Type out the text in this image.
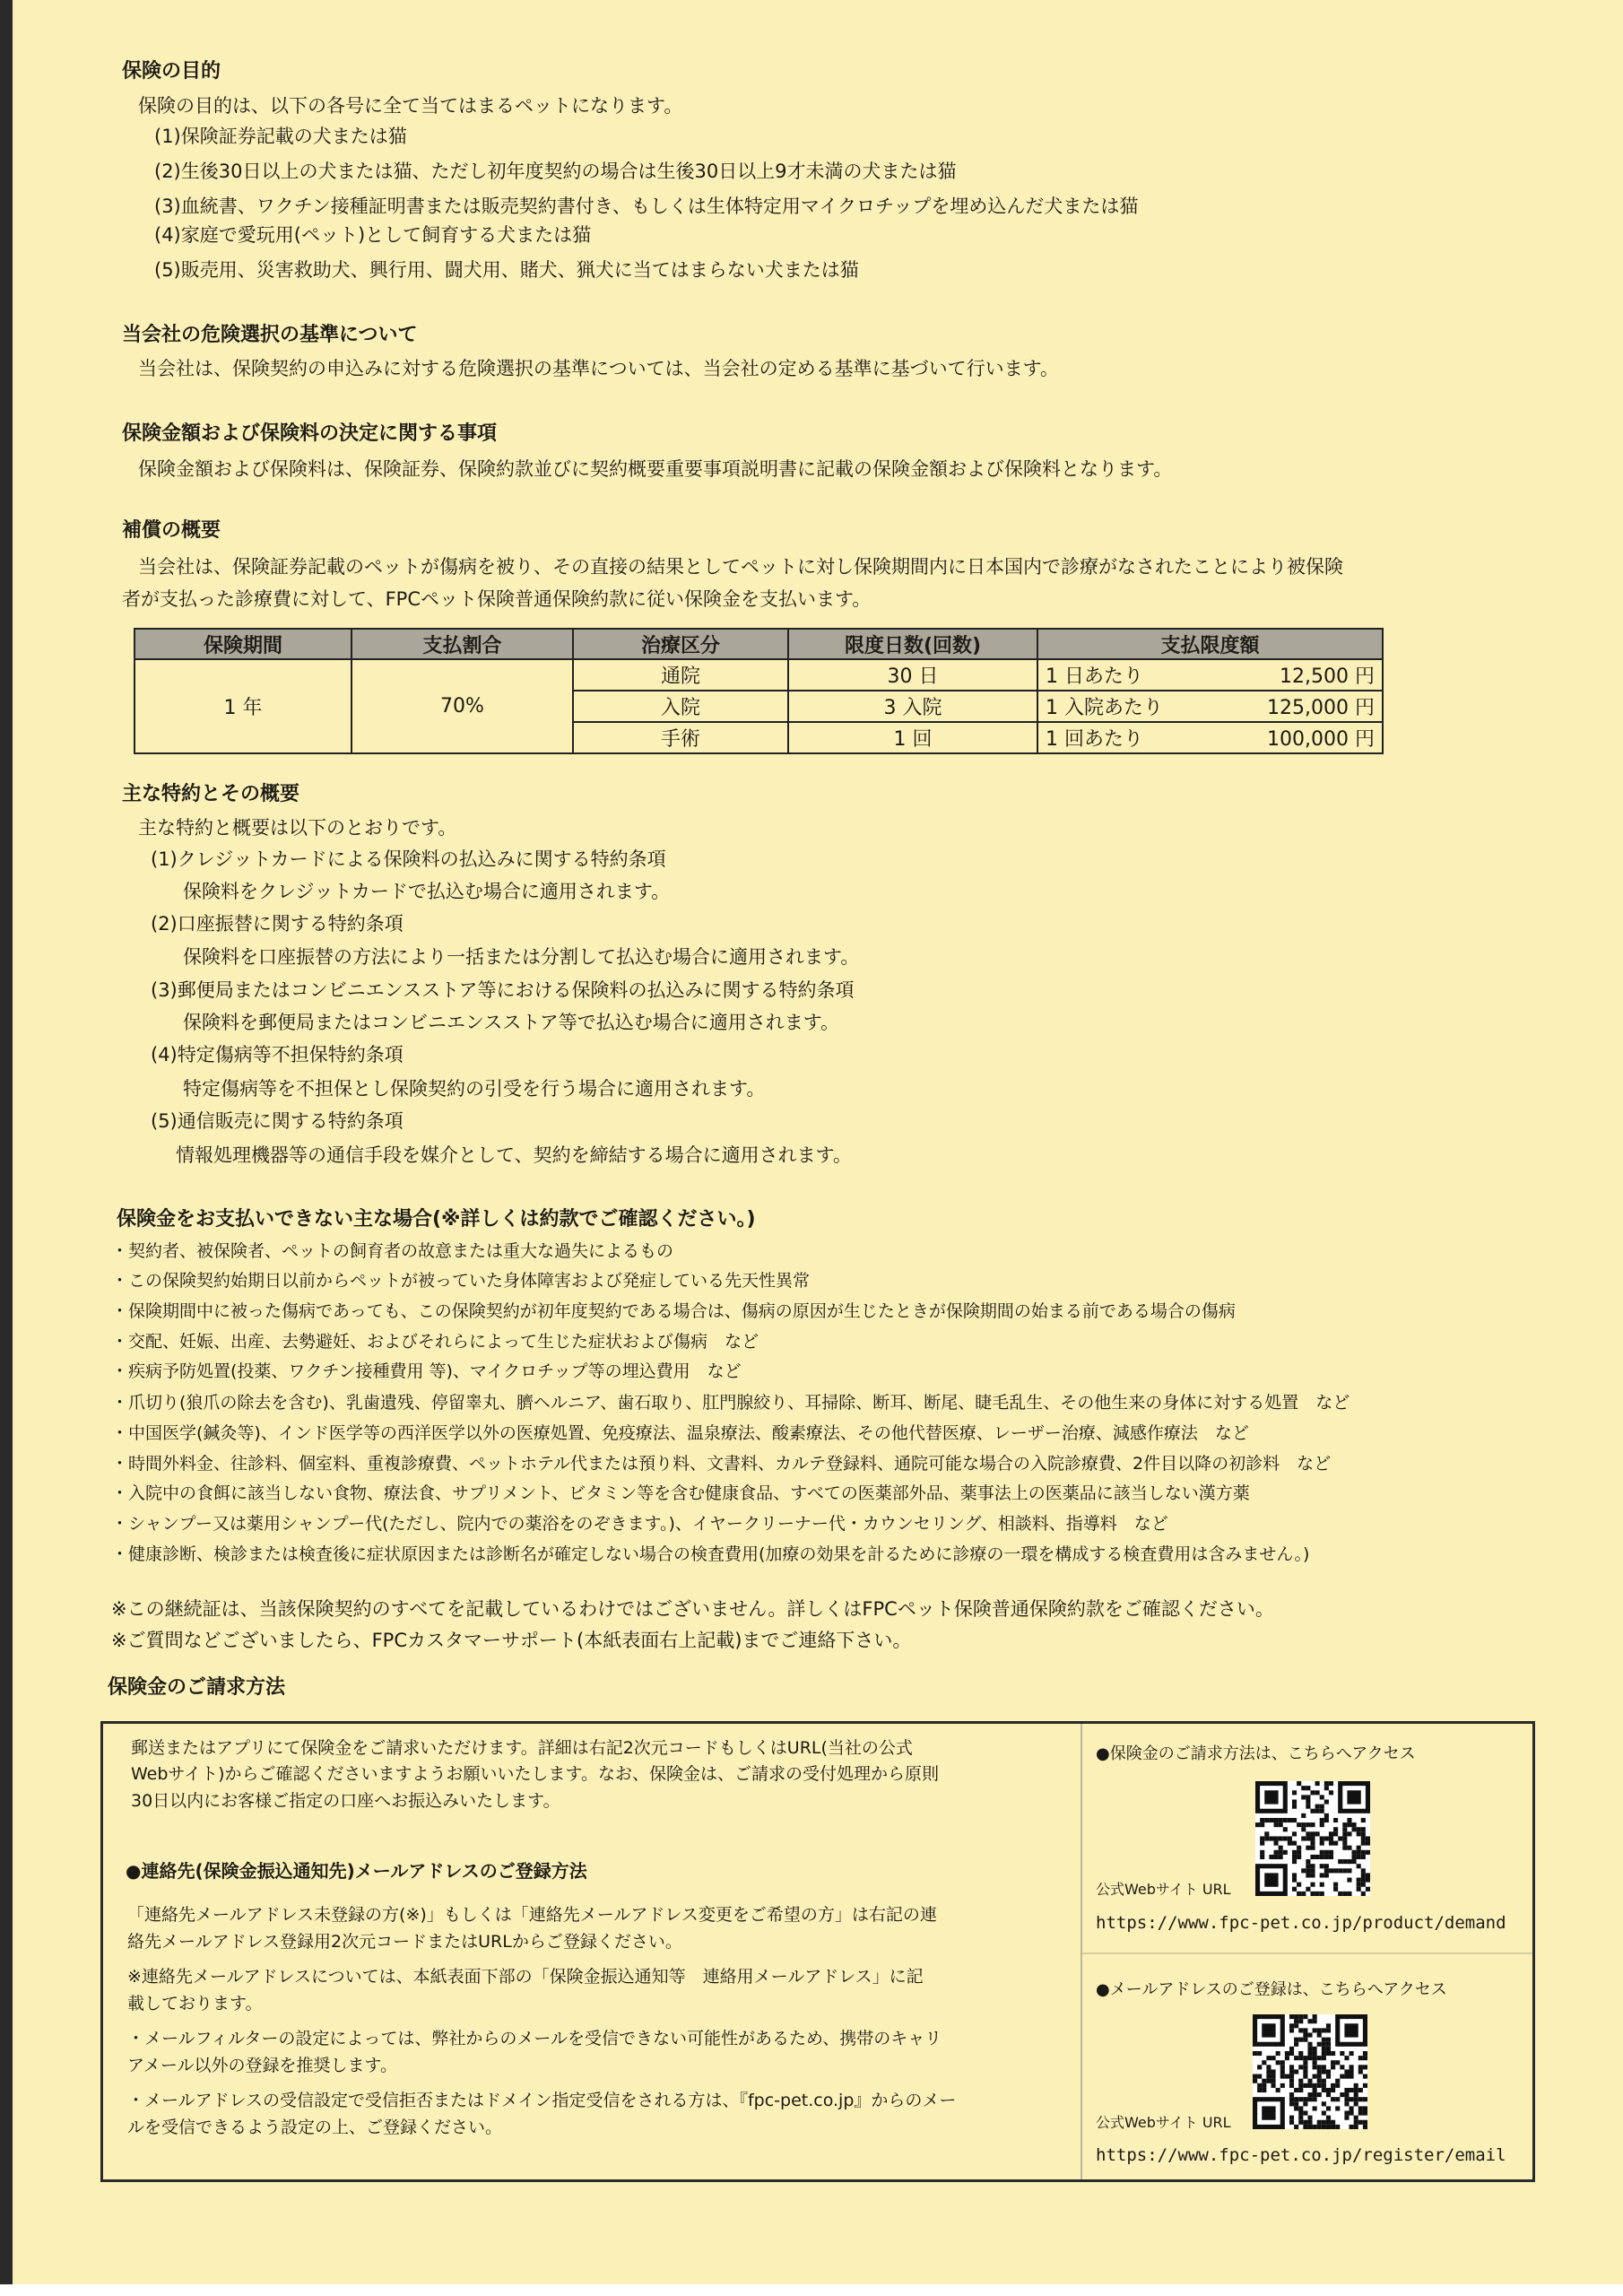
保険の目的
保険の目的は、以下の各号に全て当てはまるペットになります。
(1)保険証券記載の犬または猫
(2)生後30日以上の犬または猫、ただし初年度契約の場合は生後30日以上9才未満の犬または猫
(3)血統書、ワクチン接種証明書または販売契約書付き、もしくは生体特定用マイクロチップを埋め込んだ犬または猫
(4)家庭で愛玩用(ペット)として飼育する犬または猫
(5)販売用、災害救助犬、興行用、闘犬用、賭犬、猟犬に当てはまらない犬または猫
当会社の危険選択の基準について
当会社は、保険契約の申込みに対する危険選択の基準については、当会社の定める基準に基づいて行います。
保険金額および保険料の決定に関する事項
保険金額および保険料は、保険証券、保険約款並びに契約概要重要事項説明書に記載の保険金額および保険料となります。
補償の概要
当会社は、保険証券記載のペットが傷病を被り、その直接の結果としてペットに対し保険期間内に日本国内で診療がなされたことにより被保険
者が支払った診療費に対して、FPCペット保険普通保険約款に従い保険金を支払います。
保険期間	支払割合	治療区分	限度日数(回数)	支払限度額
1 年	70%	通院	30 日	1 日あたり 12,500 円

		入院	3 入院	1 入院あたり 125,000 円

		手術	1 回	1 回あたり 100,000 円
主な特約とその概要
主な特約と概要は以下のとおりです。
(1)クレジットカードによる保険料の払込みに関する特約条項
保険料をクレジットカードで払込む場合に適用されます。
(2)口座振替に関する特約条項
保険料を口座振替の方法により一括または分割して払込む場合に適用されます。
(3)郵便局またはコンビニエンスストア等における保険料の払込みに関する特約条項
保険料を郵便局またはコンビニエンスストア等で払込む場合に適用されます。
(4)特定傷病等不担保特約条項
特定傷病等を不担保とし保険契約の引受を行う場合に適用されます。
(5)通信販売に関する特約条項
情報処理機器等の通信手段を媒介として、契約を締結する場合に適用されます。
保険金をお支払いできない主な場合(※詳しくは約款でご確認ください。)
・契約者、被保険者、ペットの飼育者の故意または重大な過失によるもの
・この保険契約始期日以前からペットが被っていた身体障害および発症している先天性異常
・保険期間中に被った傷病であっても、この保険契約が初年度契約である場合は、傷病の原因が生じたときが保険期間の始まる前である場合の傷病
・交配、妊娠、出産、去勢避妊、およびそれらによって生じた症状および傷病　など
・疾病予防処置(投薬、ワクチン接種費用 等)、マイクロチップ等の埋込費用　など
・爪切り(狼爪の除去を含む)、乳歯遺残、停留睾丸、臍ヘルニア、歯石取り、肛門腺絞り、耳掃除、断耳、断尾、睫毛乱生、その他生来の身体に対する処置　など
・中国医学(鍼灸等)、インド医学等の西洋医学以外の医療処置、免疫療法、温泉療法、酸素療法、その他代替医療、レーザー治療、減感作療法　など
・時間外料金、往診料、個室料、重複診療費、ペットホテル代または預り料、文書料、カルテ登録料、通院可能な場合の入院診療費、2件目以降の初診料　など
・入院中の食餌に該当しない食物、療法食、サプリメント、ビタミン等を含む健康食品、すべての医薬部外品、薬事法上の医薬品に該当しない漢方薬
・シャンプー又は薬用シャンプー代(ただし、院内での薬浴をのぞきます。)、イヤークリーナー代・カウンセリング、相談料、指導料　など
・健康診断、検診または検査後に症状原因または診断名が確定しない場合の検査費用(加療の効果を計るために診療の一環を構成する検査費用は含みません。)
※この継続証は、当該保険契約のすべてを記載しているわけではございません。詳しくはFPCペット保険普通保険約款をご確認ください。
※ご質問などございましたら、FPCカスタマーサポート(本紙表面右上記載)までご連絡下さい。
保険金のご請求方法
郵送またはアプリにて保険金をご請求いただけます。詳細は右記2次元コードもしくはURL(当社の公式
Webサイト)からご確認くださいますようお願いいたします。なお、保険金は、ご請求の受付処理から原則
30日以内にお客様ご指定の口座へお振込みいたします。
●連絡先(保険金振込通知先)メールアドレスのご登録方法
「連絡先メールアドレス未登録の方(※)」もしくは「連絡先メールアドレス変更をご希望の方」は右記の連
絡先メールアドレス登録用2次元コードまたはURLからご登録ください。
※連絡先メールアドレスについては、本紙表面下部の「保険金振込通知等　連絡用メールアドレス」に記
載しております。
・メールフィルターの設定によっては、弊社からのメールを受信できない可能性があるため、携帯のキャリ
アメール以外の登録を推奨します。
・メールアドレスの受信設定で受信拒否またはドメイン指定受信をされる方は、『fpc-pet.co.jp』からのメー
ルを受信できるよう設定の上、ご登録ください。
●保険金のご請求方法は、こちらへアクセス
公式Webサイト URL
https://www.fpc-pet.co.jp/product/demand
●メールアドレスのご登録は、こちらへアクセス
公式Webサイト URL
https://www.fpc-pet.co.jp/register/email
